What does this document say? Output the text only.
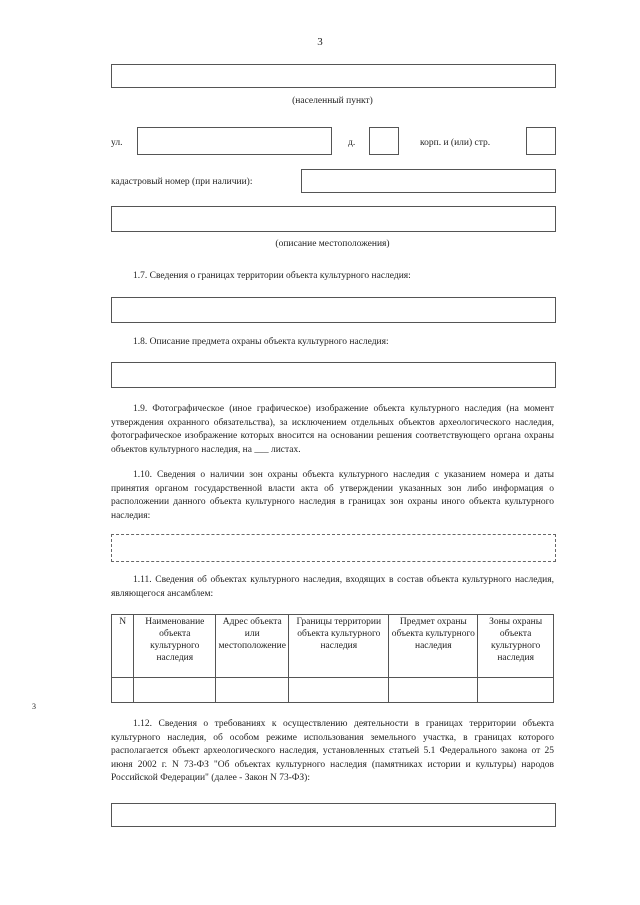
3
(населенный пункт)
ул.	д.	корп. и (или) стр.
кадастровый номер (при наличии):
(описание местоположения)
1.7. Сведения о границах территории объекта культурного наследия:
1.8. Описание предмета охраны объекта культурного наследия:
1.9. Фотографическое (иное графическое) изображение объекта культурного наследия (на момент утверждения охранного обязательства), за исключением отдельных объектов археологического наследия, фотографическое изображение которых вносится на основании решения соответствующего органа охраны объектов культурного наследия, на ___ листах.
1.10. Сведения о наличии зон охраны объекта культурного наследия с указанием номера и даты принятия органом государственной власти акта об утверждении указанных зон либо информация о расположении данного объекта культурного наследия в границах зон охраны иного объекта культурного наследия:
1.11. Сведения об объектах культурного наследия, входящих в состав объекта культурного наследия, являющегося ансамблем:
N	Наименование объекта культурного наследия	Адрес объекта или местоположение	Границы территории объекта культурного наследия	Предмет охраны объекта культурного наследия	Зоны охраны объекта культурного наследия

3
1.12. Сведения о требованиях к осуществлению деятельности в границах территории объекта культурного наследия, об особом режиме использования земельного участка, в границах которого располагается объект археологического наследия, установленных статьей 5.1 Федерального закона от 25 июня 2002 г. N 73-ФЗ "Об объектах культурного наследия (памятниках истории и культуры) народов Российской Федерации" (далее - Закон N 73-ФЗ):
